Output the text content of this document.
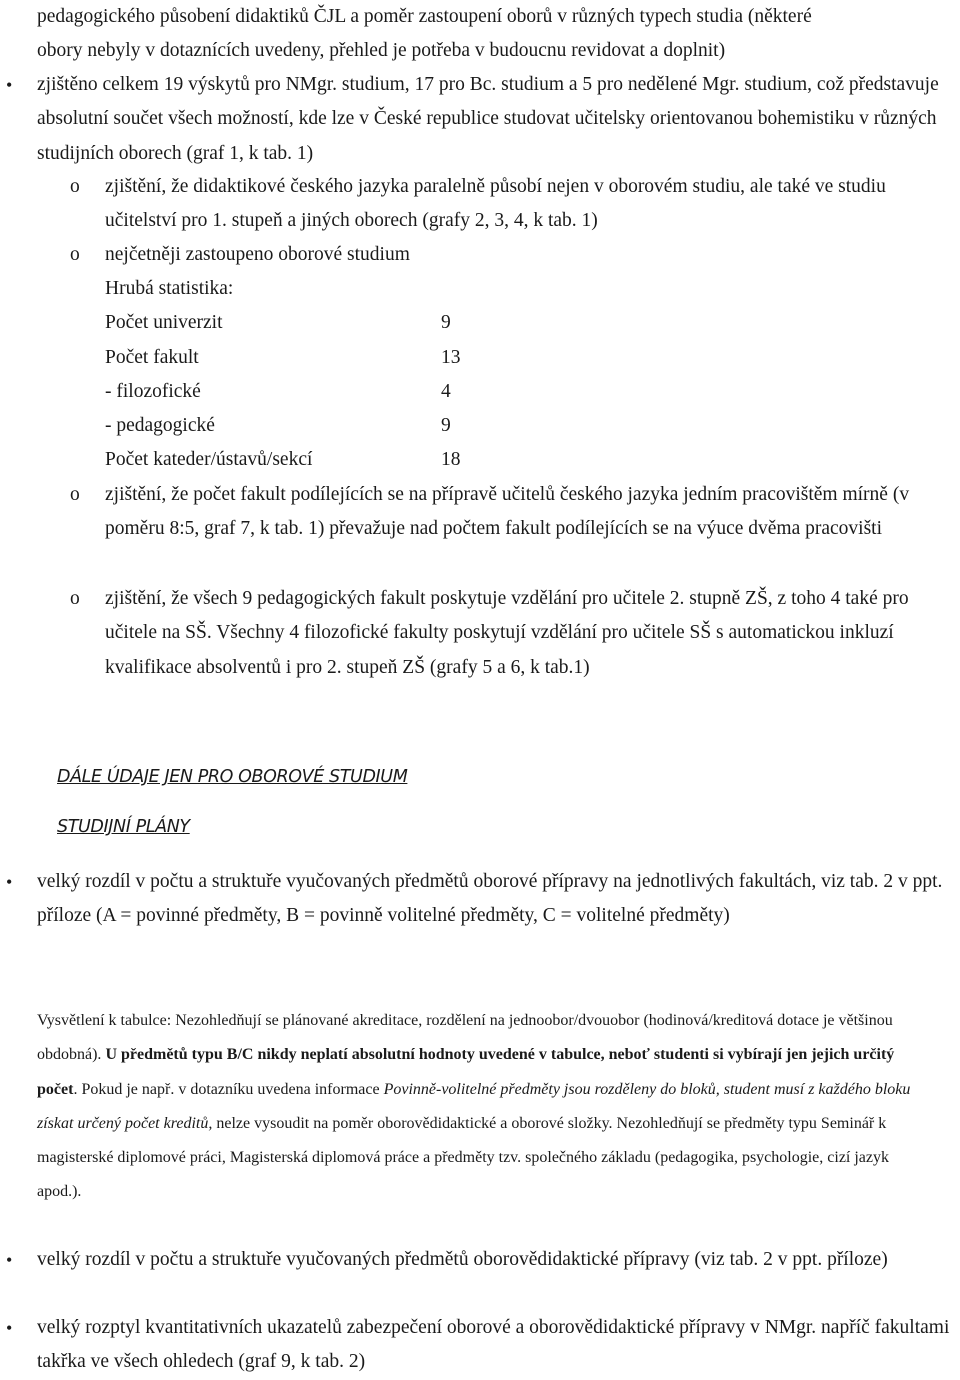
pedagogického působení didaktiků ČJL a poměr zastoupení oborů v různých typech studia (některé
obory nebyly v dotaznících uvedeny, přehled je potřeba v budoucnu revidovat a doplnit)
• zjištěno celkem 19 výskytů pro NMgr. studium, 17 pro Bc. studium a 5 pro nedělené Mgr. studium, což představuje absolutní součet všech možností, kde lze v České republice studovat učitelsky orientovanou bohemistiku v různých studijních oborech (graf 1, k tab. 1)
o zjištění, že didaktikové českého jazyka paralelně působí nejen v oborovém studiu, ale také ve studiu učitelství pro 1. stupeň a jiných oborech (grafy 2, 3, 4, k tab. 1)
o nejčetněji zastoupeno oborové studium
Hrubá statistika:
Počet univerzit	9
Počet fakult	13
- filozofické	4
- pedagogické	9
Počet kateder/ústavů/sekcí	18
o zjištění, že počet fakult podílejících se na přípravě učitelů českého jazyka jedním pracovištěm mírně (v poměru 8:5, graf 7, k tab. 1) převažuje nad počtem fakult podílejících se na výuce dvěma pracovišti
o zjištění, že všech 9 pedagogických fakult poskytuje vzdělání pro učitele 2. stupně ZŠ, z toho 4 také pro učitele na SŠ. Všechny 4 filozofické fakulty poskytují vzdělání pro učitele SŠ s automatickou inkluzí kvalifikace absolventů i pro 2. stupeň ZŠ (grafy 5 a 6, k tab.1)
DÁLE ÚDAJE JEN PRO OBOROVÉ STUDIUM
STUDIJNÍ PLÁNY
• velký rozdíl v počtu a struktuře vyučovaných předmětů oborové přípravy na jednotlivých fakultách, viz tab. 2 v ppt. příloze (A = povinné předměty, B = povinně volitelné předměty, C = volitelné předměty)
Vysvětlení k tabulce: Nezohledňují se plánované akreditace, rozdělení na jednoobor/dvouobor (hodinová/kreditová dotace je většinou obdobná). U předmětů typu B/C nikdy neplatí absolutní hodnoty uvedené v tabulce, neboť studenti si vybírají jen jejich určitý počet. Pokud je např. v dotazníku uvedena informace Povinně-volitelné předměty jsou rozděleny do bloků, student musí z každého bloku získat určený počet kreditů, nelze vysoudit na poměr oborovědidaktické a oborové složky. Nezohledňují se předměty typu Seminář k magisterské diplomové práci, Magisterská diplomová práce a předměty tzv. společného základu (pedagogika, psychologie, cizí jazyk apod.).
• velký rozdíl v počtu a struktuře vyučovaných předmětů oborovědidaktické přípravy (viz tab. 2 v ppt. příloze)
• velký rozptyl kvantitativních ukazatelů zabezpečení oborové a oborovědidaktické přípravy v NMgr. napříč fakultami takřka ve všech ohledech (graf 9, k tab. 2)
